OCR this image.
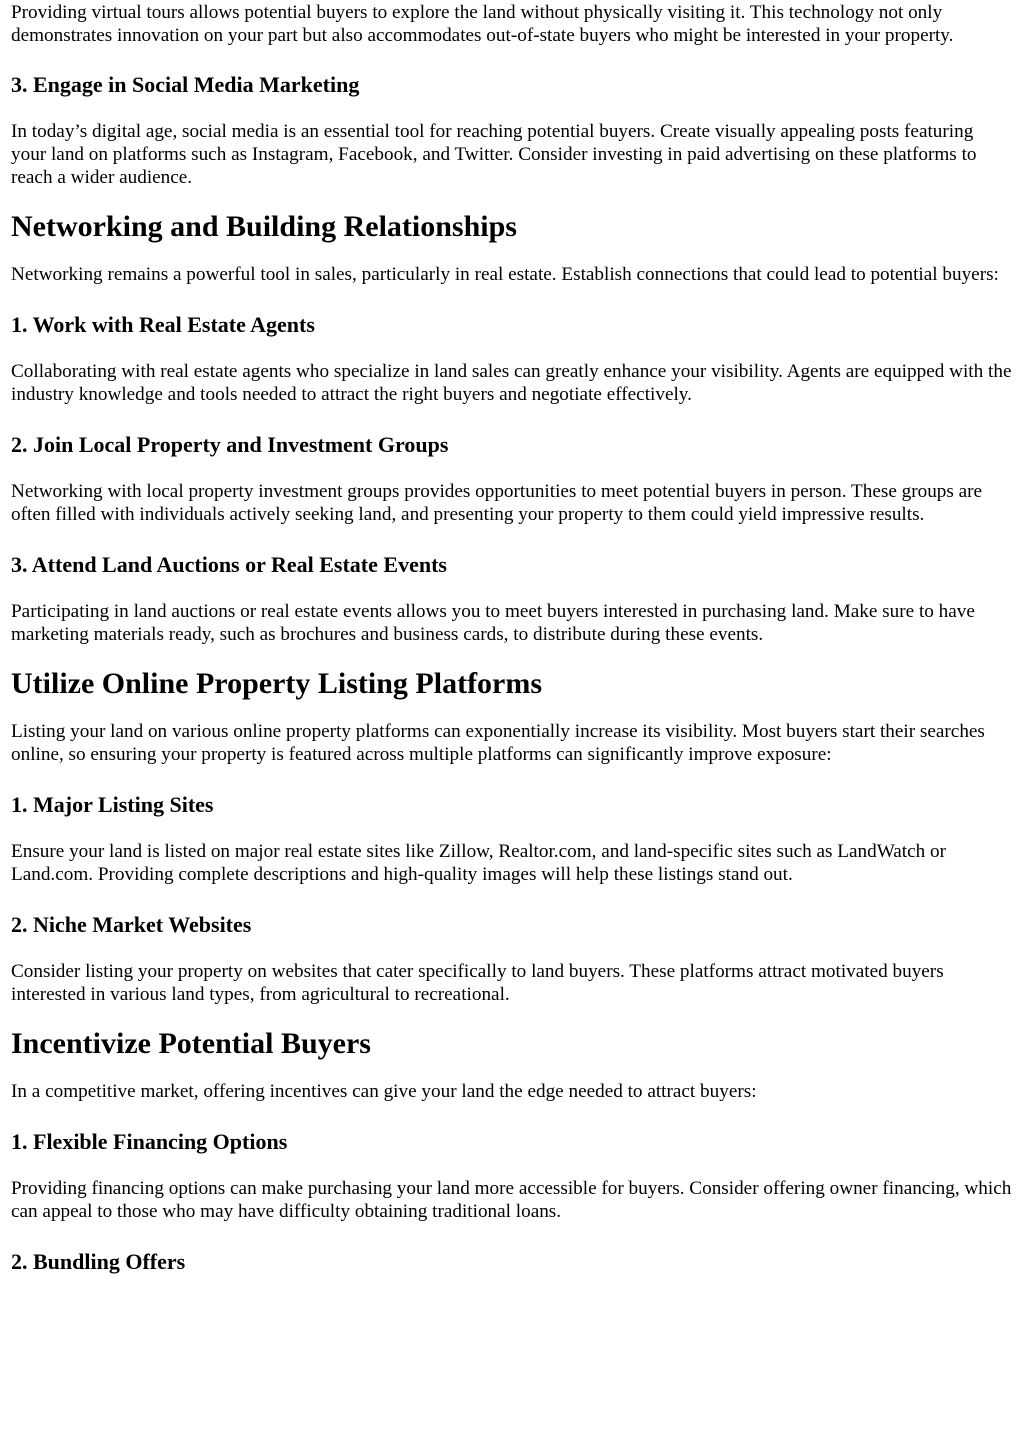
Providing virtual tours allows potential buyers to explore the land without physically visiting it. This technology not only demonstrates innovation on your part but also accommodates out-of-state buyers who might be interested in your property.

3. Engage in Social Media Marketing

In today’s digital age, social media is an essential tool for reaching potential buyers. Create visually appealing posts featuring your land on platforms such as Instagram, Facebook, and Twitter. Consider investing in paid advertising on these platforms to reach a wider audience.

Networking and Building Relationships

Networking remains a powerful tool in sales, particularly in real estate. Establish connections that could lead to potential buyers:

1. Work with Real Estate Agents

Collaborating with real estate agents who specialize in land sales can greatly enhance your visibility. Agents are equipped with the industry knowledge and tools needed to attract the right buyers and negotiate effectively.

2. Join Local Property and Investment Groups

Networking with local property investment groups provides opportunities to meet potential buyers in person. These groups are often filled with individuals actively seeking land, and presenting your property to them could yield impressive results.

3. Attend Land Auctions or Real Estate Events

Participating in land auctions or real estate events allows you to meet buyers interested in purchasing land. Make sure to have marketing materials ready, such as brochures and business cards, to distribute during these events.

Utilize Online Property Listing Platforms

Listing your land on various online property platforms can exponentially increase its visibility. Most buyers start their searches online, so ensuring your property is featured across multiple platforms can significantly improve exposure:

1. Major Listing Sites

Ensure your land is listed on major real estate sites like Zillow, Realtor.com, and land-specific sites such as LandWatch or Land.com. Providing complete descriptions and high-quality images will help these listings stand out.

2. Niche Market Websites

Consider listing your property on websites that cater specifically to land buyers. These platforms attract motivated buyers interested in various land types, from agricultural to recreational.

Incentivize Potential Buyers

In a competitive market, offering incentives can give your land the edge needed to attract buyers:

1. Flexible Financing Options

Providing financing options can make purchasing your land more accessible for buyers. Consider offering owner financing, which can appeal to those who may have difficulty obtaining traditional loans.

2. Bundling Offers
